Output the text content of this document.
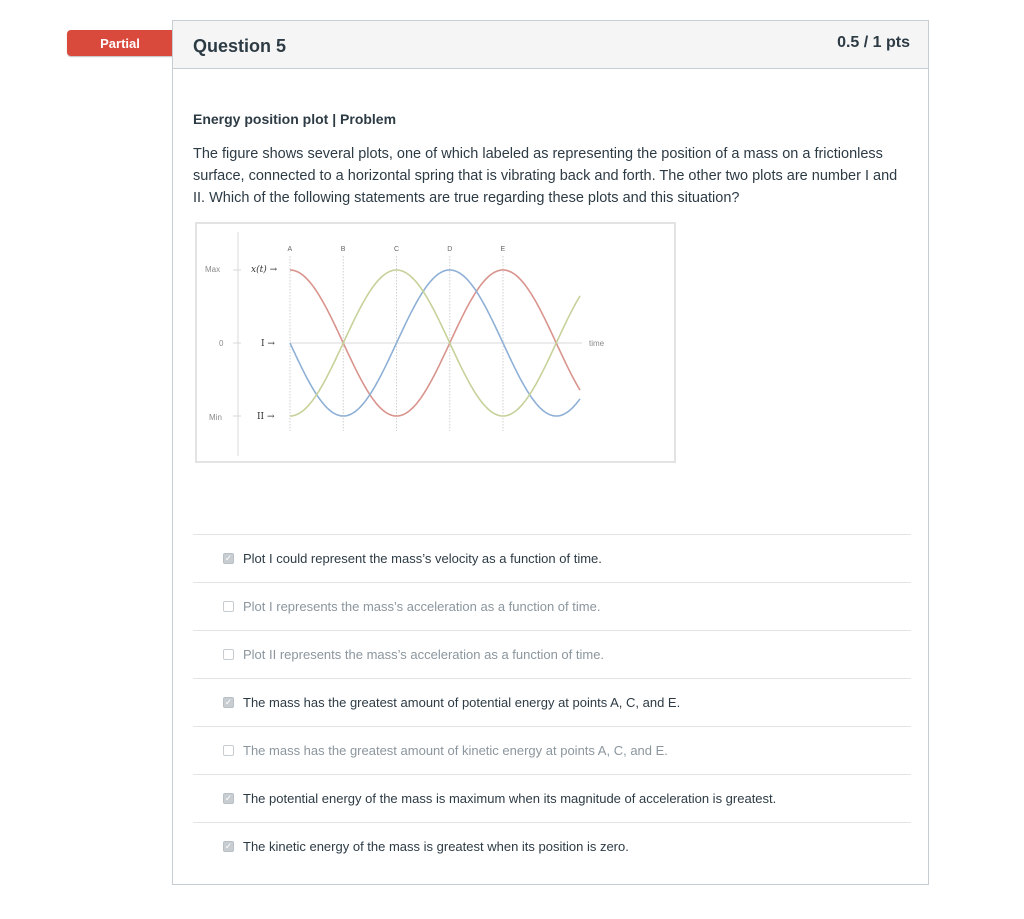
Partial	Question 5	0.5 / 1 pts

Energy position plot | Problem

The figure shows several plots, one of which labeled as representing the position of a mass on a frictionless surface, connected to a horizontal spring that is vibrating back and forth. The other two plots are number I and II. Which of the following statements are true regarding these plots and this situation?

Max
0
Min
x(t) →
I →
II →
time
A	B	C	D	E
✓ Plot I could represent the mass’s velocity as a function of time.
Plot I represents the mass’s acceleration as a function of time.
Plot II represents the mass’s acceleration as a function of time.
✓ The mass has the greatest amount of potential energy at points A, C, and E.
The mass has the greatest amount of kinetic energy at points A, C, and E.
✓ The potential energy of the mass is maximum when its magnitude of acceleration is greatest.
✓ The kinetic energy of the mass is greatest when its position is zero.
